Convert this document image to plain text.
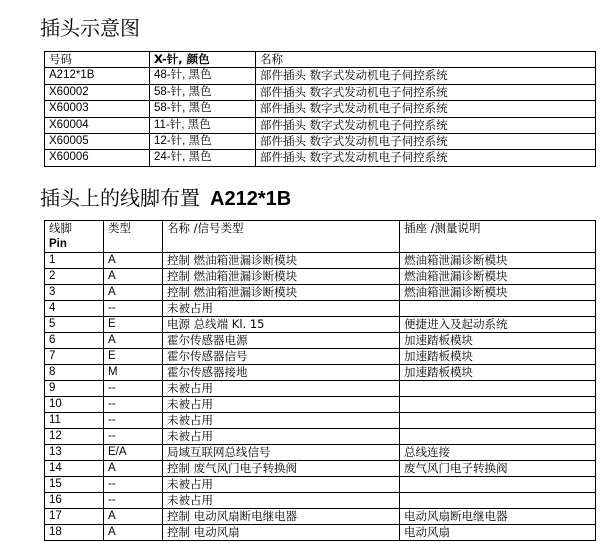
插头示意图
号码	X-针, 颜色	名称
A212*1B	48-针, 黑色	部件插头 数字式发动机电子伺控系统
X60002	58-针, 黑色	部件插头 数字式发动机电子伺控系统
X60003	58-针, 黑色	部件插头 数字式发动机电子伺控系统
X60004	11-针, 黑色	部件插头 数字式发动机电子伺控系统
X60005	12-针, 黑色	部件插头 数字式发动机电子伺控系统
X60006	24-针, 黑色	部件插头 数字式发动机电子伺控系统
插头上的线脚布置 A212*1B
线脚
Pin	类型	名称 /信号类型	插座 /测量说明
1	A	控制 燃油箱泄漏诊断模块	燃油箱泄漏诊断模块
2	A	控制 燃油箱泄漏诊断模块	燃油箱泄漏诊断模块
3	A	控制 燃油箱泄漏诊断模块	燃油箱泄漏诊断模块
4	--	未被占用	
5	E	电源 总线端 Kl. 15	便捷进入及起动系统
6	A	霍尔传感器电源	加速踏板模块
7	E	霍尔传感器信号	加速踏板模块
8	M	霍尔传感器接地	加速踏板模块
9	--	未被占用	
10	--	未被占用	
11	--	未被占用	
12	--	未被占用	
13	E/A	局域互联网总线信号	总线连接
14	A	控制 废气风门电子转换阀	废气风门电子转换阀
15	--	未被占用	
16	--	未被占用	
17	A	控制 电动风扇断电继电器	电动风扇断电继电器
18	A	控制 电动风扇	电动风扇
